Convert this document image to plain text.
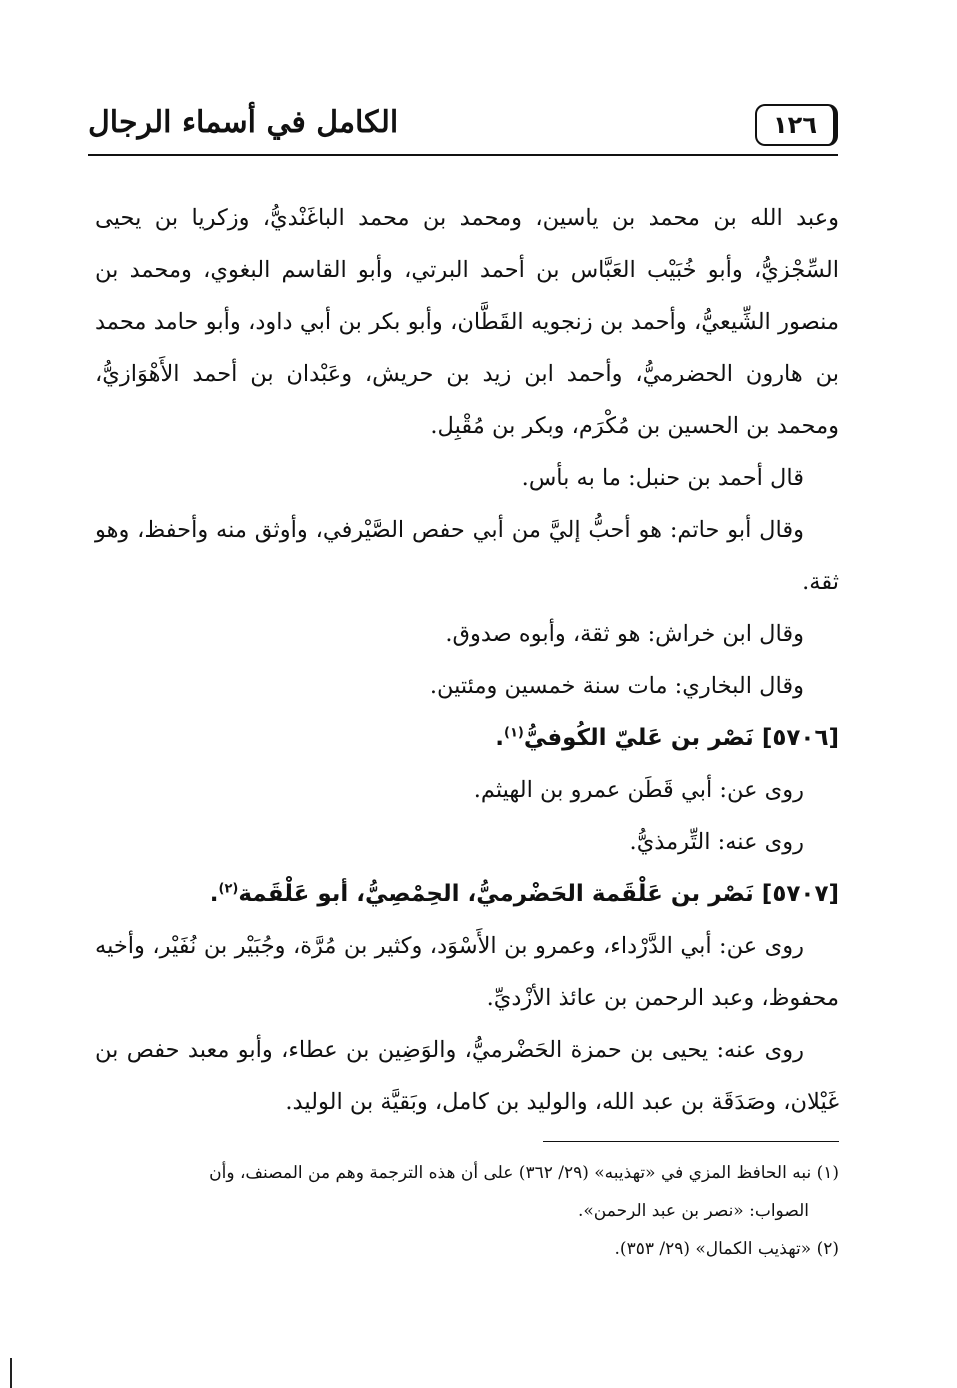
الكامل في أسماء الرجال	١٢٦

وعبد الله بن محمد بن ياسين، ومحمد بن محمد الباغَنْديُّ، وزكريا بن يحيى السِّجْزيُّ، وأبو خُبَيْب العَبَّاس بن أحمد البرتي، وأبو القاسم البغوي، ومحمد بن منصور الشِّيعيُّ، وأحمد بن زنجويه القَطَّان، وأبو بكر بن أبي داود، وأبو حامد محمد بن هارون الحضرميُّ، وأحمد ابن زيد بن حريش، وعَبْدان بن أحمد الأَهْوَازيُّ، ومحمد بن الحسين بن مُكْرَم، وبكر بن مُقْبِل.

قال أحمد بن حنبل: ما به بأس.

وقال أبو حاتم: هو أحبُّ إليَّ من أبي حفص الصَّيْرفي، وأوثق منه وأحفظ، وهو ثقة.

وقال ابن خراش: هو ثقة، وأبوه صدوق.

وقال البخاري: مات سنة خمسين ومئتين.

[٥٧٠٦] نَصْر بن عَليّ الكُوفيُّ$^{(١)}$.

روى عن: أبي قَطَن عمرو بن الهيثم.

روى عنه: التِّرمذيُّ.

[٥٧٠٧] نَصْر بن عَلْقَمة الحَضْرميُّ، الحِمْصِيُّ، أبو عَلْقَمة$^{(٢)}$.

روى عن: أبي الدَّرْداء، وعمرو بن الأَسْوَد، وكثير بن مُرَّة، وجُبَيْر بن نُفَيْر، وأخيه محفوظ، وعبد الرحمن بن عائذ الأزْديِّ.

روى عنه: يحيى بن حمزة الحَضْرميُّ، والوَضِين بن عطاء، وأبو معبد حفص بن غَيْلان، وصَدَقَة بن عبد الله، والوليد بن كامل، وبَقيَّة بن الوليد.

(١) نبه الحافظ المزي في «تهذيبه» (٢٩/ ٣٦٢) على أن هذه الترجمة وهم من المصنف، وأن

الصواب: «نصر بن عبد الرحمن».

(٢) «تهذيب الكمال» (٢٩/ ٣٥٣).
